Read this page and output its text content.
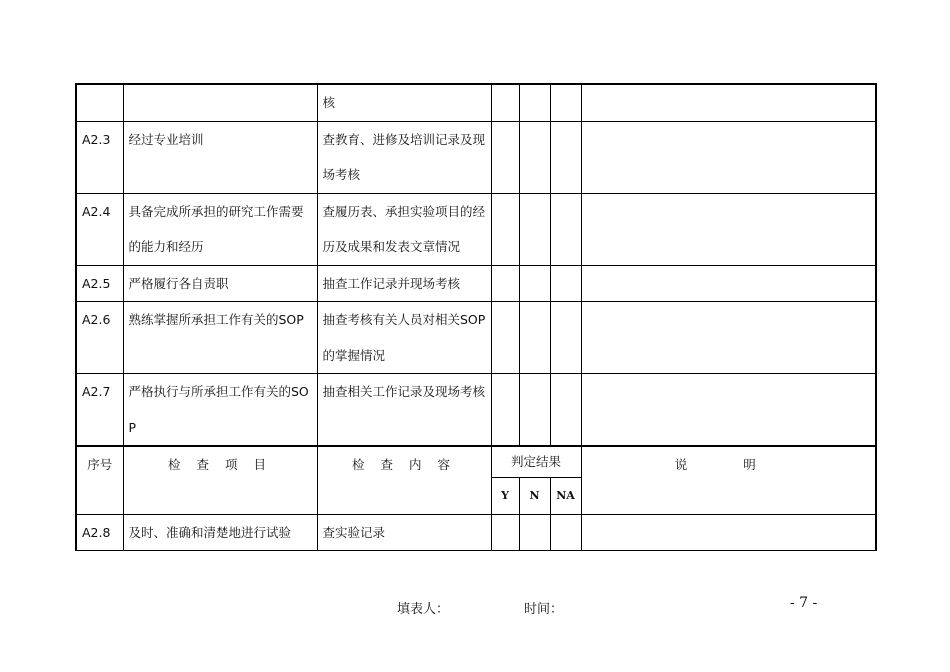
		核				
A2.3	经过专业培训	查教育、进修及培训记录及现场考核				
A2.4	具备完成所承担的研究工作需要的能力和经历	查履历表、承担实验项目的经历及成果和发表文章情况				
A2.5	严格履行各自责职	抽查工作记录并现场考核				
A2.6	熟练掌握所承担工作有关的SOP	抽查考核有关人员对相关SOP的掌握情况				
A2.7	严格执行与所承担工作有关的SOP	抽查相关工作记录及现场考核				
序号	检 查 项 目	检 查 内 容	判定结果			说 明
			Y	N	NA	
A2.8	及时、准确和清楚地进行试验	查实验记录				
填表人：	时间：	- 7 -
